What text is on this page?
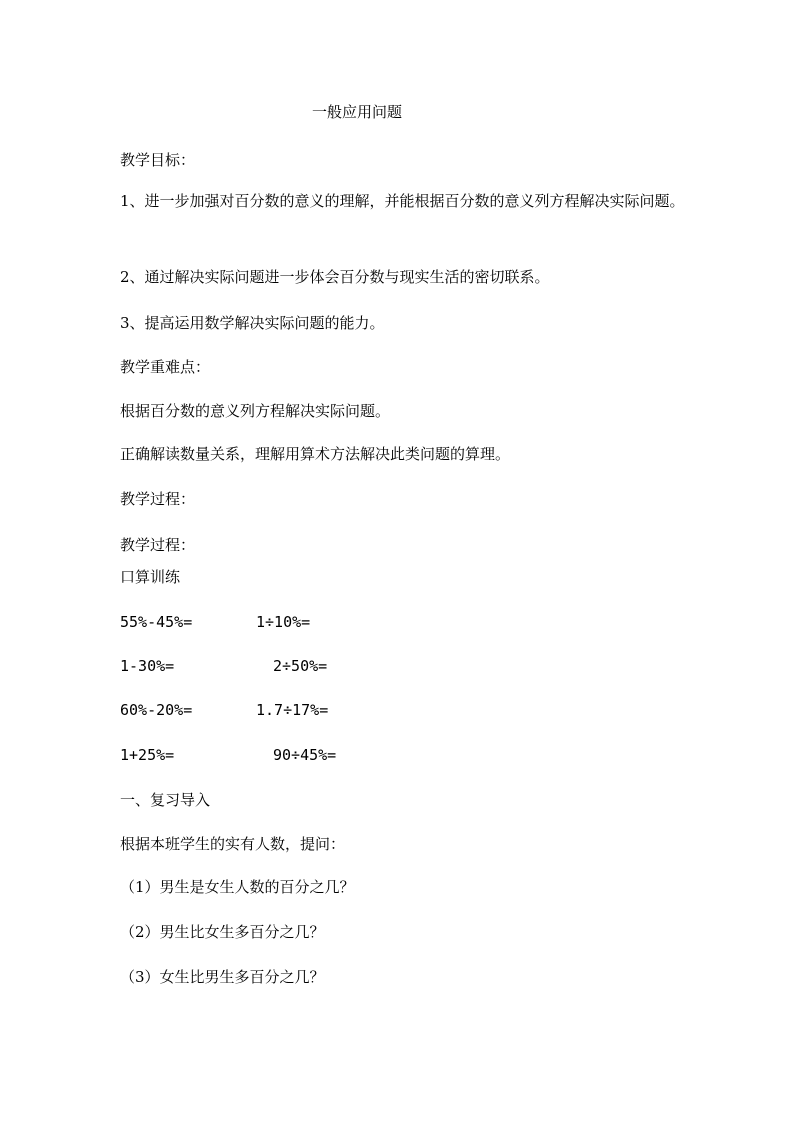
一般应用问题
教学目标：
1、进一步加强对百分数的意义的理解，并能根据百分数的意义列方程解决实际问题。
2、通过解决实际问题进一步体会百分数与现实生活的密切联系。
3、提高运用数学解决实际问题的能力。
教学重难点：
根据百分数的意义列方程解决实际问题。
正确解读数量关系，理解用算术方法解决此类问题的算理。
教学过程：
教学过程：
口算训练
55%-45%=	1÷10%=
1-30%=	2÷50%=
60%-20%=	1.7÷17%=
1+25%=	90÷45%=
一、复习导入
根据本班学生的实有人数，提问：
（1）男生是女生人数的百分之几？
（2）男生比女生多百分之几？
（3）女生比男生多百分之几？
